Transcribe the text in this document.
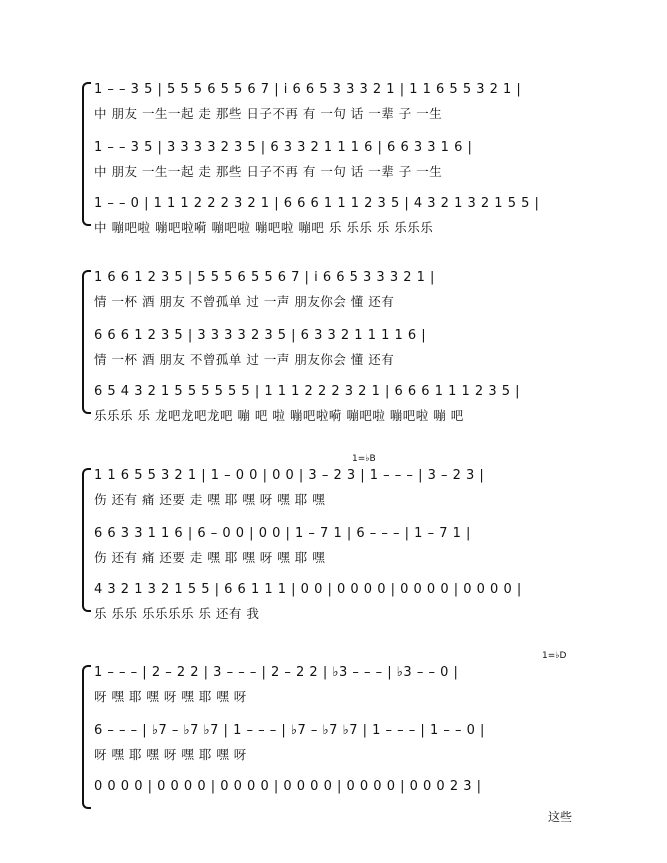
1 – – 3 5 | 5 5 5 6 5 5 6 7 | i 6 6 5 3 3 3 2 1 | 1 1 6 5 5 3 2 1 |
中 朋友 一生一起 走 那些 日子不再 有 一句 话 一辈 子 一生
1 – – 3 5 | 3 3 3 3 2 3 5 | 6 3 3 2 1 1 1 6 | 6 6 3 3 1 6 |
中 朋友 一生一起 走 那些 日子不再 有 一句 话 一辈 子 一生
1 – – 0 | 1 1 1 2 2 2 3 2 1 | 6 6 6 1 1 1 2 3 5 | 4 3 2 1 3 2 1 5 5 |
中 嘣吧啦 嘣吧啦嗬 嘣吧啦 嘣吧啦 嘣吧 乐 乐乐 乐 乐乐乐
1 6 6 1 2 3 5 | 5 5 5 6 5 5 6 7 | i 6 6 5 3 3 3 2 1 |
情 一杯 酒 朋友 不曾孤单 过 一声 朋友你会 懂 还有
6 6 6 1 2 3 5 | 3 3 3 3 2 3 5 | 6 3 3 2 1 1 1 1 6 |
情 一杯 酒 朋友 不曾孤单 过 一声 朋友你会 懂 还有
6 5 4 3 2 1 5 5 5 5 5 5 | 1 1 1 2 2 2 3 2 1 | 6 6 6 1 1 1 2 3 5 |
乐乐乐 乐 龙吧龙吧龙吧 嘣 吧 啦 嘣吧啦嗬 嘣吧啦 嘣吧啦 嘣 吧
1=♭B
1 1 6 5 5 3 2 1 | 1 – 0 0 | 0 0 | 3 – 2 3 | 1 – – – | 3 – 2 3 |
伤 还有 痛 还要 走 嘿 耶 嘿 呀 嘿 耶 嘿
6 6 3 3 1 1 6 | 6 – 0 0 | 0 0 | 1 – 7 1 | 6 – – – | 1 – 7 1 |
伤 还有 痛 还要 走 嘿 耶 嘿 呀 嘿 耶 嘿
4 3 2 1 3 2 1 5 5 | 6 6 1 1 1 | 0 0 | 0 0 0 0 | 0 0 0 0 | 0 0 0 0 |
乐 乐乐 乐乐乐乐 乐 还有 我
1=♭D
1 – – – | 2 – 2 2 | 3 – – – | 2 – 2 2 | ♭3 – – – | ♭3 – – 0 |
呀 嘿 耶 嘿 呀 嘿 耶 嘿 呀
6 – – – | ♭7 – ♭7 ♭7 | 1 – – – | ♭7 – ♭7 ♭7 | 1 – – – | 1 – – 0 |
呀 嘿 耶 嘿 呀 嘿 耶 嘿 呀
0 0 0 0 | 0 0 0 0 | 0 0 0 0 | 0 0 0 0 | 0 0 0 0 | 0 0 0 2 3 |
这些
